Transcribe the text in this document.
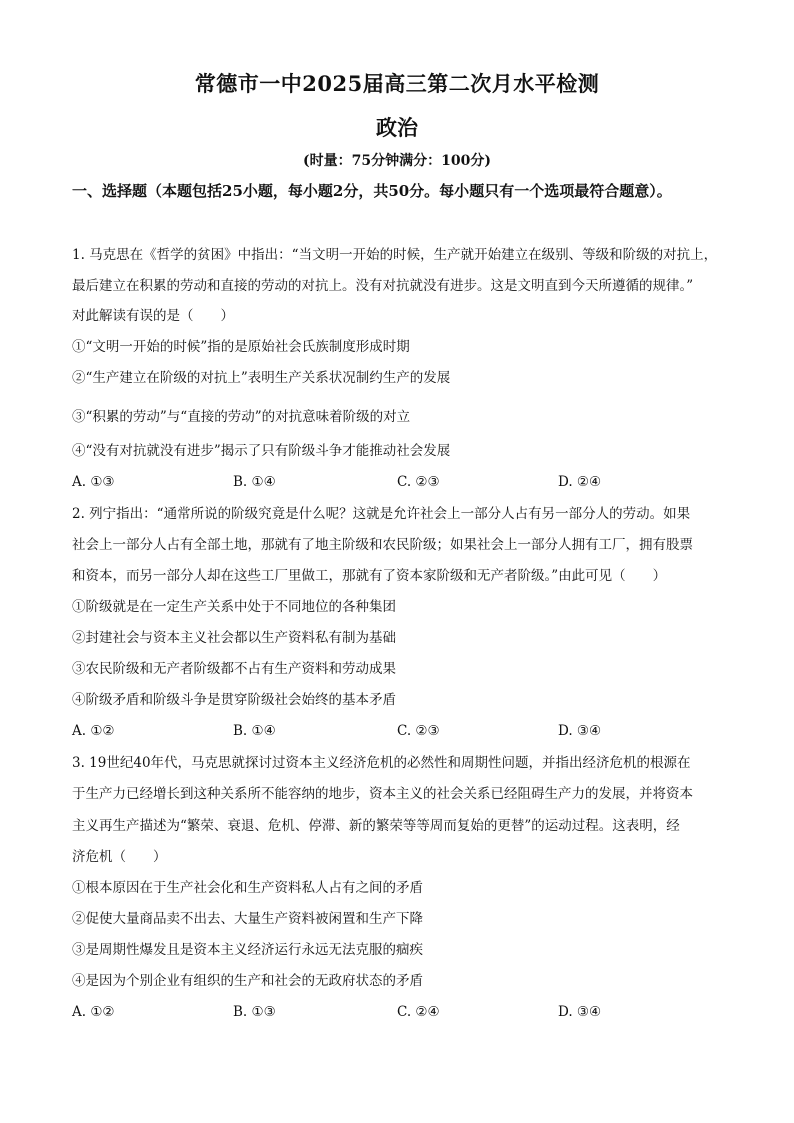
常德市一中2025届高三第二次月水平检测
政治
(时量：75分钟满分：100分)
一、选择题（本题包括25小题，每小题2分，共50分。每小题只有一个选项最符合题意）。
1. 马克思在《哲学的贫困》中指出：“当文明一开始的时候，生产就开始建立在级别、等级和阶级的对抗上，
最后建立在积累的劳动和直接的劳动的对抗上。没有对抗就没有进步。这是文明直到今天所遵循的规律。”
对此解读有误的是（　　）
①“文明一开始的时候”指的是原始社会氏族制度形成时期
②“生产建立在阶级的对抗上”表明生产关系状况制约生产的发展
③“积累的劳动”与“直接的劳动”的对抗意味着阶级的对立
④“没有对抗就没有进步”揭示了只有阶级斗争才能推动社会发展
A. ①③	B. ①④	C. ②③	D. ②④
2. 列宁指出：“通常所说的阶级究竟是什么呢？这就是允许社会上一部分人占有另一部分人的劳动。如果
社会上一部分人占有全部土地，那就有了地主阶级和农民阶级；如果社会上一部分人拥有工厂，拥有股票
和资本，而另一部分人却在这些工厂里做工，那就有了资本家阶级和无产者阶级。”由此可见（　　）
①阶级就是在一定生产关系中处于不同地位的各种集团
②封建社会与资本主义社会都以生产资料私有制为基础
③农民阶级和无产者阶级都不占有生产资料和劳动成果
④阶级矛盾和阶级斗争是贯穿阶级社会始终的基本矛盾
A. ①②	B. ①④	C. ②③	D. ③④
3. 19世纪40年代，马克思就探讨过资本主义经济危机的必然性和周期性问题，并指出经济危机的根源在
于生产力已经增长到这种关系所不能容纳的地步，资本主义的社会关系已经阻碍生产力的发展，并将资本
主义再生产描述为“繁荣、衰退、危机、停滞、新的繁荣等等周而复始的更替”的运动过程。这表明，经
济危机（　　）
①根本原因在于生产社会化和生产资料私人占有之间的矛盾
②促使大量商品卖不出去、大量生产资料被闲置和生产下降
③是周期性爆发且是资本主义经济运行永远无法克服的痼疾
④是因为个别企业有组织的生产和社会的无政府状态的矛盾
A. ①②	B. ①③	C. ②④	D. ③④
